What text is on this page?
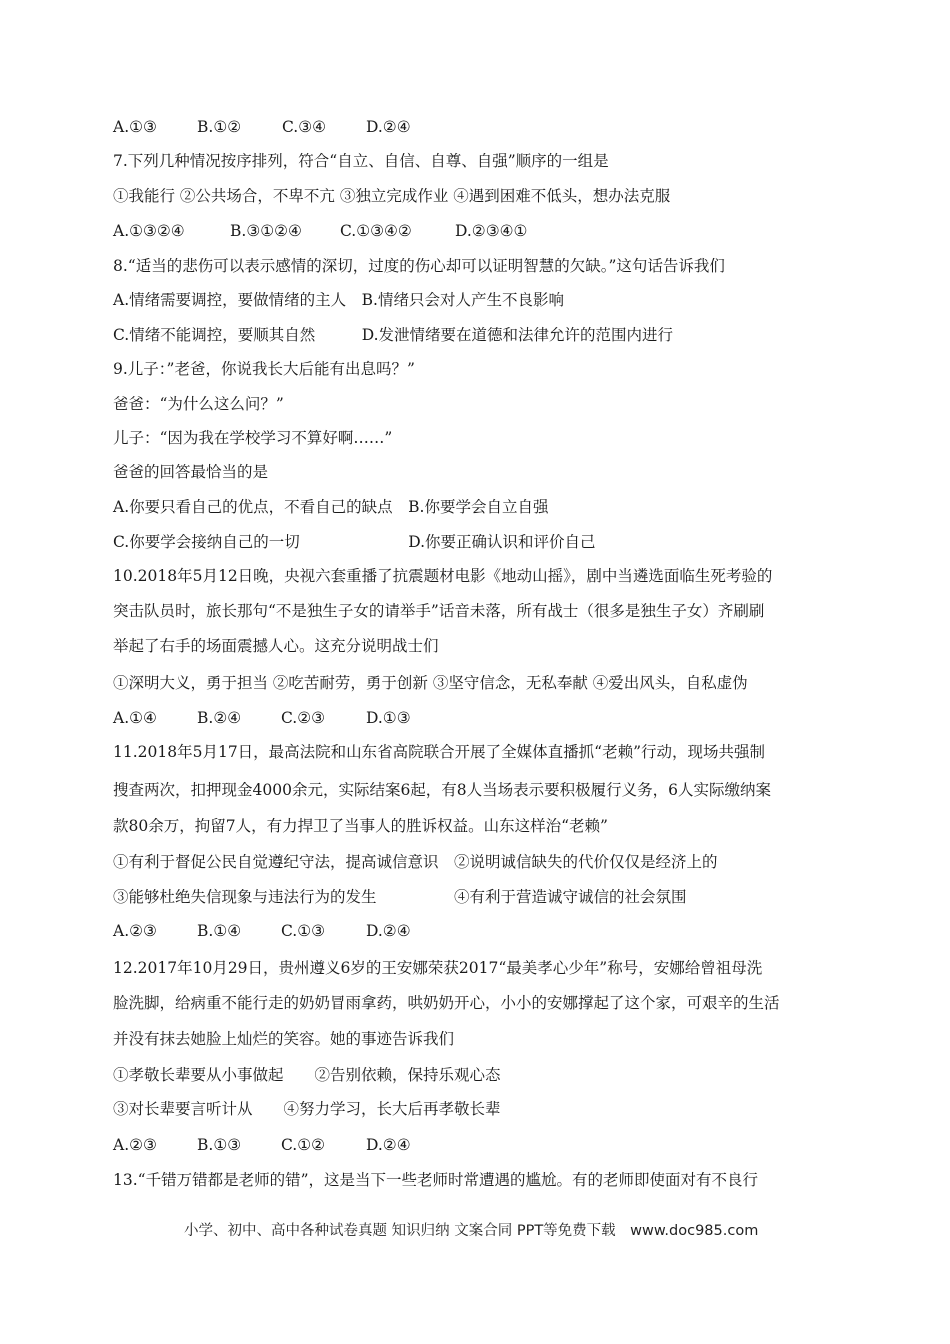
A.①③	B.①②	C.③④	D.②④
7.下列几种情况按序排列，符合“自立、自信、自尊、自强”顺序的一组是
①我能行 ②公共场合，不卑不亢 ③独立完成作业 ④遇到困难不低头，想办法克服
A.①③②④	B.③①②④ C.①③④②	D.②③④①
8.“适当的悲伤可以表示感情的深切，过度的伤心却可以证明智慧的欠缺。”这句话告诉我们
A.情绪需要调控，要做情绪的主人　B.情绪只会对人产生不良影响
C.情绪不能调控，要顺其自然　　　D.发泄情绪要在道德和法律允许的范围内进行
9.儿子：”老爸，你说我长大后能有出息吗？”
爸爸：“为什么这么问？”
儿子：“因为我在学校学习不算好啊……”
爸爸的回答最恰当的是
A.你要只看自己的优点，不看自己的缺点　B.你要学会自立自强
C.你要学会接纳自己的一切　　　　　　　D.你要正确认识和评价自己
10.2018年5月12日晚，央视六套重播了抗震题材电影《地动山摇》，剧中当遴选面临生死考验的
突击队员时，旅长那句“不是独生子女的请举手”话音未落，所有战士（很多是独生子女）齐刷刷
举起了右手的场面震撼人心。这充分说明战士们
①深明大义，勇于担当 ②吃苦耐劳，勇于创新 ③坚守信念，无私奉献 ④爱出风头，自私虚伪
A.①④	B.②④	C.②③	D.①③
11.2018年5月17日，最高法院和山东省高院联合开展了全媒体直播抓“老赖”行动，现场共强制
搜查两次，扣押现金4000余元，实际结案6起，有8人当场表示要积极履行义务，6人实际缴纳案
款80余万，拘留7人，有力捍卫了当事人的胜诉权益。山东这样治“老赖”
①有利于督促公民自觉遵纪守法，提高诚信意识　②说明诚信缺失的代价仅仅是经济上的
③能够杜绝失信现象与违法行为的发生　　　　　④有利于营造诚守诚信的社会氛围
A.②③	B.①④	C.①③	D.②④
12.2017年10月29日，贵州遵义6岁的王安娜荣获2017“最美孝心少年”称号，安娜给曾祖母洗
脸洗脚，给病重不能行走的奶奶冒雨拿药，哄奶奶开心，小小的安娜撑起了这个家，可艰辛的生活
并没有抹去她脸上灿烂的笑容。她的事迹告诉我们
①孝敬长辈要从小事做起　　②告别依赖，保持乐观心态
③对长辈要言听计从　　④努力学习，长大后再孝敬长辈
A.②③	B.①③	C.①②	D.②④
13.“千错万错都是老师的错”，这是当下一些老师时常遭遇的尴尬。有的老师即使面对有不良行
小学、初中、高中各种试卷真题 知识归纳 文案合同 PPT等免费下载　www.doc985.com
